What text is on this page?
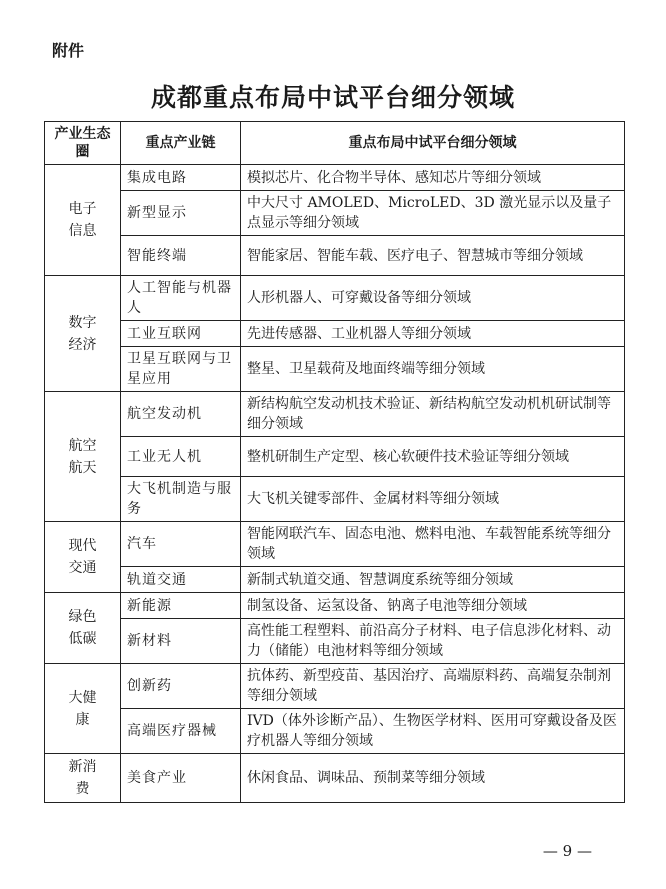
附件
成都重点布局中试平台细分领域
产业生态圈	重点产业链	重点布局中试平台细分领域
电子信息	集成电路	模拟芯片、化合物半导体、感知芯片等细分领域
	新型显示	中大尺寸 AMOLED、MicroLED、3D 激光显示以及量子点显示等细分领域
	智能终端	智能家居、智能车载、医疗电子、智慧城市等细分领域
数字经济	人工智能与机器人	人形机器人、可穿戴设备等细分领域
	工业互联网	先进传感器、工业机器人等细分领域
	卫星互联网与卫星应用	整星、卫星载荷及地面终端等细分领域
航空航天	航空发动机	新结构航空发动机技术验证、新结构航空发动机机研试制等细分领域
	工业无人机	整机研制生产定型、核心软硬件技术验证等细分领域
	大飞机制造与服务	大飞机关键零部件、金属材料等细分领域
现代交通	汽车	智能网联汽车、固态电池、燃料电池、车载智能系统等细分领域
	轨道交通	新制式轨道交通、智慧调度系统等细分领域
绿色低碳	新能源	制氢设备、运氢设备、钠离子电池等细分领域
	新材料	高性能工程塑料、前沿高分子材料、电子信息涉化材料、动力（储能）电池材料等细分领域
大健康	创新药	抗体药、新型疫苗、基因治疗、高端原料药、高端复杂制剂等细分领域
	高端医疗器械	IVD（体外诊断产品）、生物医学材料、医用可穿戴设备及医疗机器人等细分领域
新消费	美食产业	休闲食品、调味品、预制菜等细分领域
— 9 —
